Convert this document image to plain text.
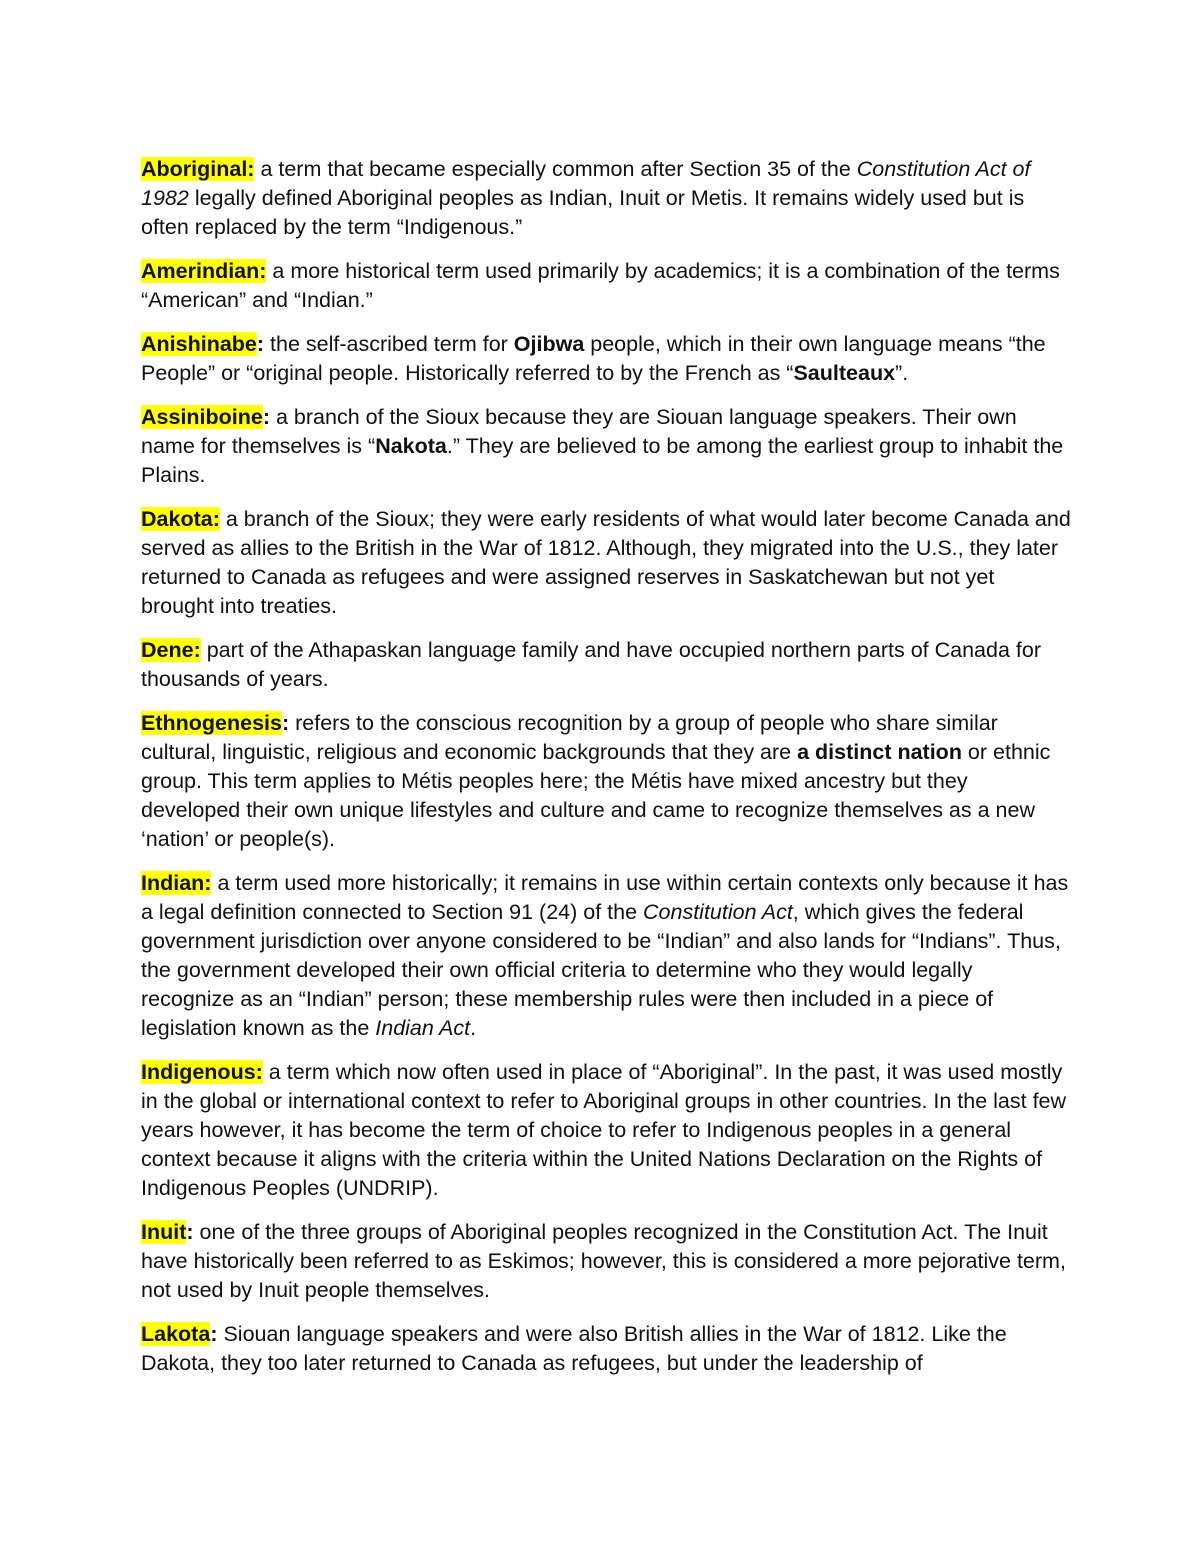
Aboriginal: a term that became especially common after Section 35 of the Constitution Act of 1982 legally defined Aboriginal peoples as Indian, Inuit or Metis. It remains widely used but is often replaced by the term “Indigenous.”

Amerindian: a more historical term used primarily by academics; it is a combination of the terms “American” and “Indian.”

Anishinabe: the self-ascribed term for Ojibwa people, which in their own language means “the People” or “original people. Historically referred to by the French as “Saulteaux”.

Assiniboine: a branch of the Sioux because they are Siouan language speakers. Their own name for themselves is “Nakota.” They are believed to be among the earliest group to inhabit the Plains.

Dakota: a branch of the Sioux; they were early residents of what would later become Canada and served as allies to the British in the War of 1812. Although, they migrated into the U.S., they later returned to Canada as refugees and were assigned reserves in Saskatchewan but not yet brought into treaties.

Dene: part of the Athapaskan language family and have occupied northern parts of Canada for thousands of years.

Ethnogenesis: refers to the conscious recognition by a group of people who share similar cultural, linguistic, religious and economic backgrounds that they are a distinct nation or ethnic group. This term applies to Métis peoples here; the Métis have mixed ancestry but they developed their own unique lifestyles and culture and came to recognize themselves as a new ‘nation’ or people(s).

Indian: a term used more historically; it remains in use within certain contexts only because it has a legal definition connected to Section 91 (24) of the Constitution Act, which gives the federal government jurisdiction over anyone considered to be “Indian” and also lands for “Indians”. Thus, the government developed their own official criteria to determine who they would legally recognize as an “Indian” person; these membership rules were then included in a piece of legislation known as the Indian Act.

Indigenous: a term which now often used in place of “Aboriginal”. In the past, it was used mostly in the global or international context to refer to Aboriginal groups in other countries. In the last few years however, it has become the term of choice to refer to Indigenous peoples in a general context because it aligns with the criteria within the United Nations Declaration on the Rights of Indigenous Peoples (UNDRIP).

Inuit: one of the three groups of Aboriginal peoples recognized in the Constitution Act. The Inuit have historically been referred to as Eskimos; however, this is considered a more pejorative term, not used by Inuit people themselves.

Lakota: Siouan language speakers and were also British allies in the War of 1812. Like the Dakota, they too later returned to Canada as refugees, but under the leadership of
